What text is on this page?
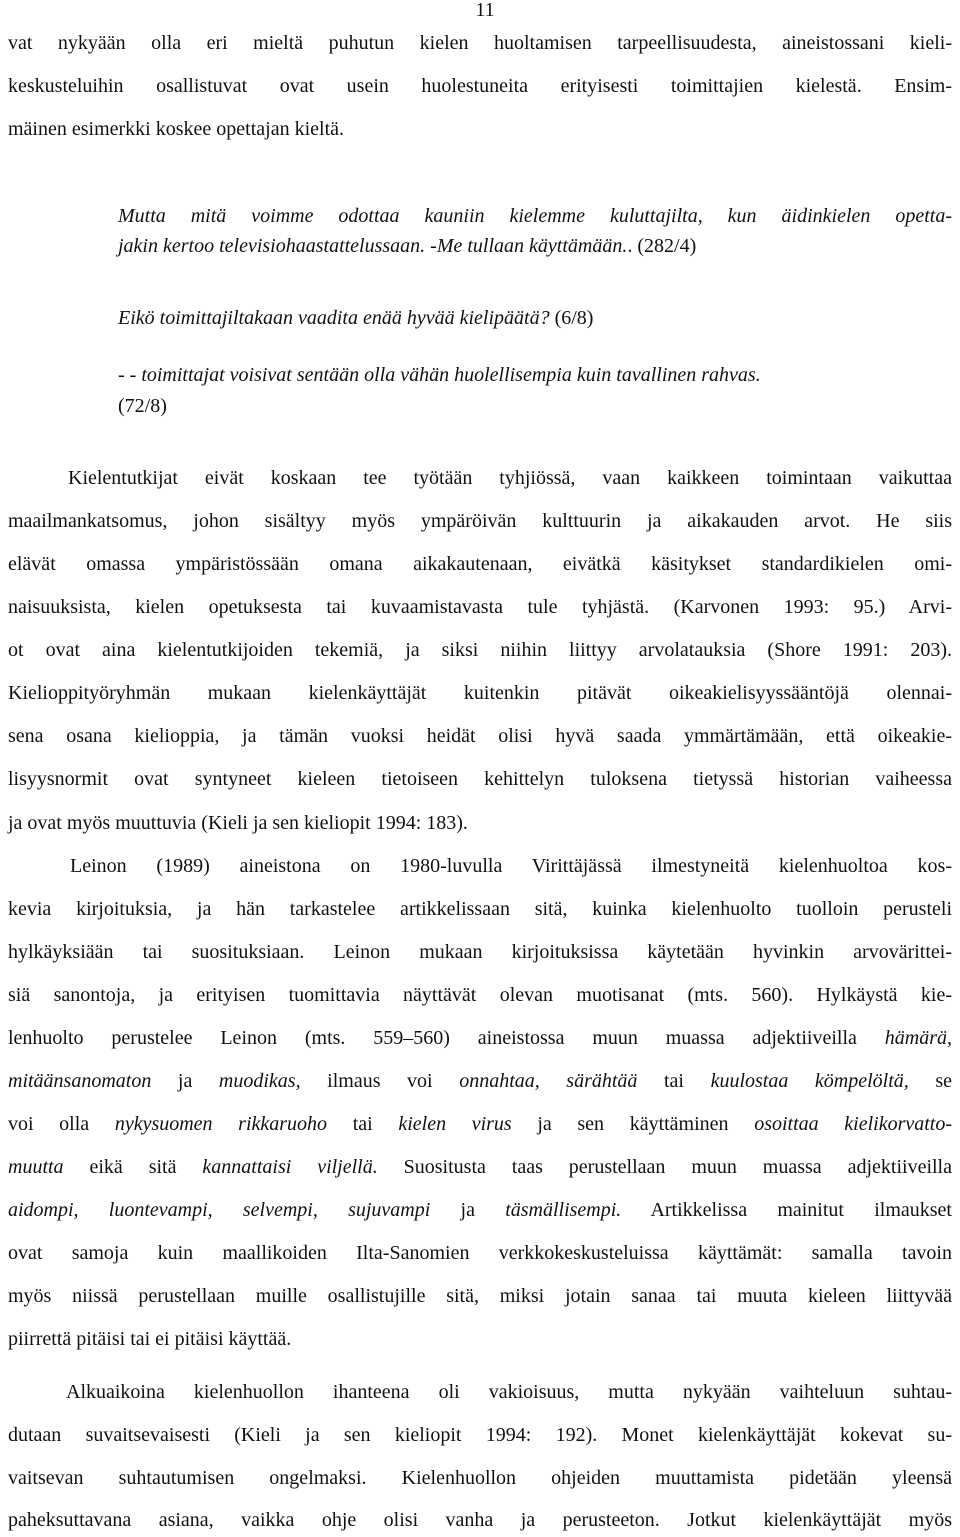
11

vat nykyään olla eri mieltä puhutun kielen huoltamisen tarpeellisuudesta, aineistossani kieli-

keskusteluihin osallistuvat ovat usein huolestuneita erityisesti toimittajien kielestä. Ensim-

mäinen esimerkki koskee opettajan kieltä.

Mutta mitä voimme odottaa kauniin kielemme kuluttajilta, kun äidinkielen opetta-

jakin kertoo televisiohaastattelussaan. -Me tullaan käyttämään.. (282/4)

Eikö toimittajiltakaan vaadita enää hyvää kielipäätä? (6/8)

- - toimittajat voisivat sentään olla vähän huolellisempia kuin tavallinen rahvas.

(72/8)

Kielentutkijat eivät koskaan tee työtään tyhjiössä, vaan kaikkeen toimintaan vaikuttaa

maailmankatsomus, johon sisältyy myös ympäröivän kulttuurin ja aikakauden arvot. He siis

elävät omassa ympäristössään omana aikakautenaan, eivätkä käsitykset standardikielen omi-

naisuuksista, kielen opetuksesta tai kuvaamistavasta tule tyhjästä. (Karvonen 1993: 95.) Arvi-

ot ovat aina kielentutkijoiden tekemiä, ja siksi niihin liittyy arvolatauksia (Shore 1991: 203).

Kielioppityöryhmän mukaan kielenkäyttäjät kuitenkin pitävät oikeakielisyyssääntöjä olennai-

sena osana kielioppia, ja tämän vuoksi heidät olisi hyvä saada ymmärtämään, että oikeakie-

lisyysnormit ovat syntyneet kieleen tietoiseen kehittelyn tuloksena tietyssä historian vaiheessa

ja ovat myös muuttuvia (Kieli ja sen kieliopit 1994: 183).

Leinon (1989) aineistona on 1980-luvulla Virittäjässä ilmestyneitä kielenhuoltoa kos-

kevia kirjoituksia, ja hän tarkastelee artikkelissaan sitä, kuinka kielenhuolto tuolloin perusteli

hylkäyksiään tai suosituksiaan. Leinon mukaan kirjoituksissa käytetään hyvinkin arvovärittei-

siä sanontoja, ja erityisen tuomittavia näyttävät olevan muotisanat (mts. 560). Hylkäystä kie-

lenhuolto perustelee Leinon (mts. 559–560) aineistossa muun muassa adjektiiveilla hämärä,

mitäänsanomaton ja muodikas, ilmaus voi onnahtaa, särähtää tai kuulostaa kömpelöltä, se

voi olla nykysuomen rikkaruoho tai kielen virus ja sen käyttäminen osoittaa kielikorvatto-

muutta eikä sitä kannattaisi viljellä. Suositusta taas perustellaan muun muassa adjektiiveilla

aidompi, luontevampi, selvempi, sujuvampi ja täsmällisempi. Artikkelissa mainitut ilmaukset

ovat samoja kuin maallikoiden Ilta-Sanomien verkkokeskusteluissa käyttämät: samalla tavoin

myös niissä perustellaan muille osallistujille sitä, miksi jotain sanaa tai muuta kieleen liittyvää

piirrettä pitäisi tai ei pitäisi käyttää.

Alkuaikoina kielenhuollon ihanteena oli vakioisuus, mutta nykyään vaihteluun suhtau-

dutaan suvaitsevaisesti (Kieli ja sen kieliopit 1994: 192). Monet kielenkäyttäjät kokevat su-

vaitsevan suhtautumisen ongelmaksi. Kielenhuollon ohjeiden muuttamista pidetään yleensä

paheksuttavana asiana, vaikka ohje olisi vanha ja perusteeton. Jotkut kielenkäyttäjät myös
